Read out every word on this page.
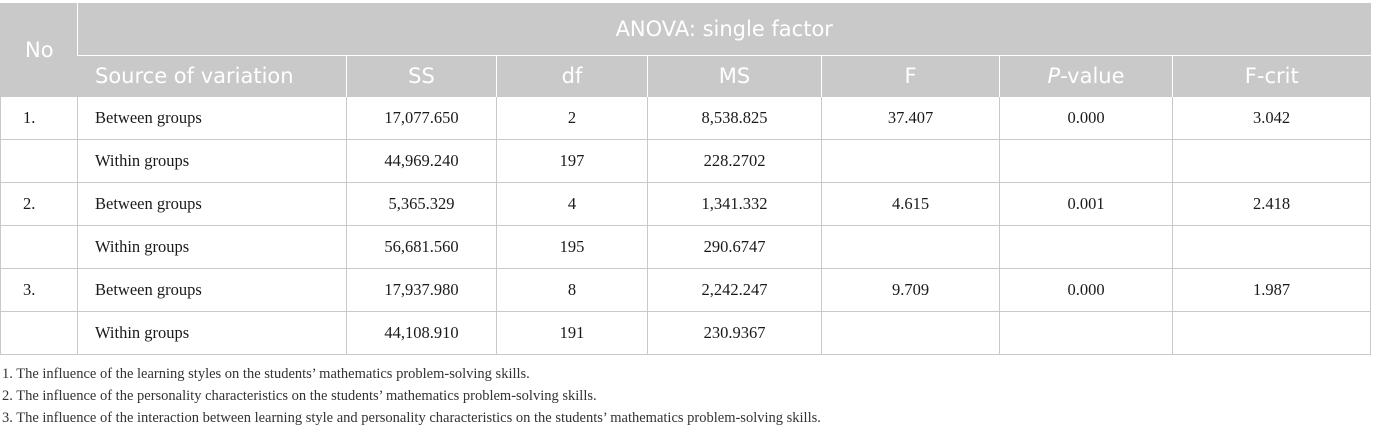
No	ANOVA: single factor						
	Source of variation	SS	df	MS	F	P-value	F-crit
1.	Between groups	17,077.650	2	8,538.825	37.407	0.000	3.042
	Within groups	44,969.240	197	228.2702			
2.	Between groups	5,365.329	4	1,341.332	4.615	0.001	2.418
	Within groups	56,681.560	195	290.6747			
3.	Between groups	17,937.980	8	2,242.247	9.709	0.000	1.987
	Within groups	44,108.910	191	230.9367			
1. The influence of the learning styles on the students’ mathematics problem-solving skills.
2. The influence of the personality characteristics on the students’ mathematics problem-solving skills.
3. The influence of the interaction between learning style and personality characteristics on the students’ mathematics problem-solving skills.
